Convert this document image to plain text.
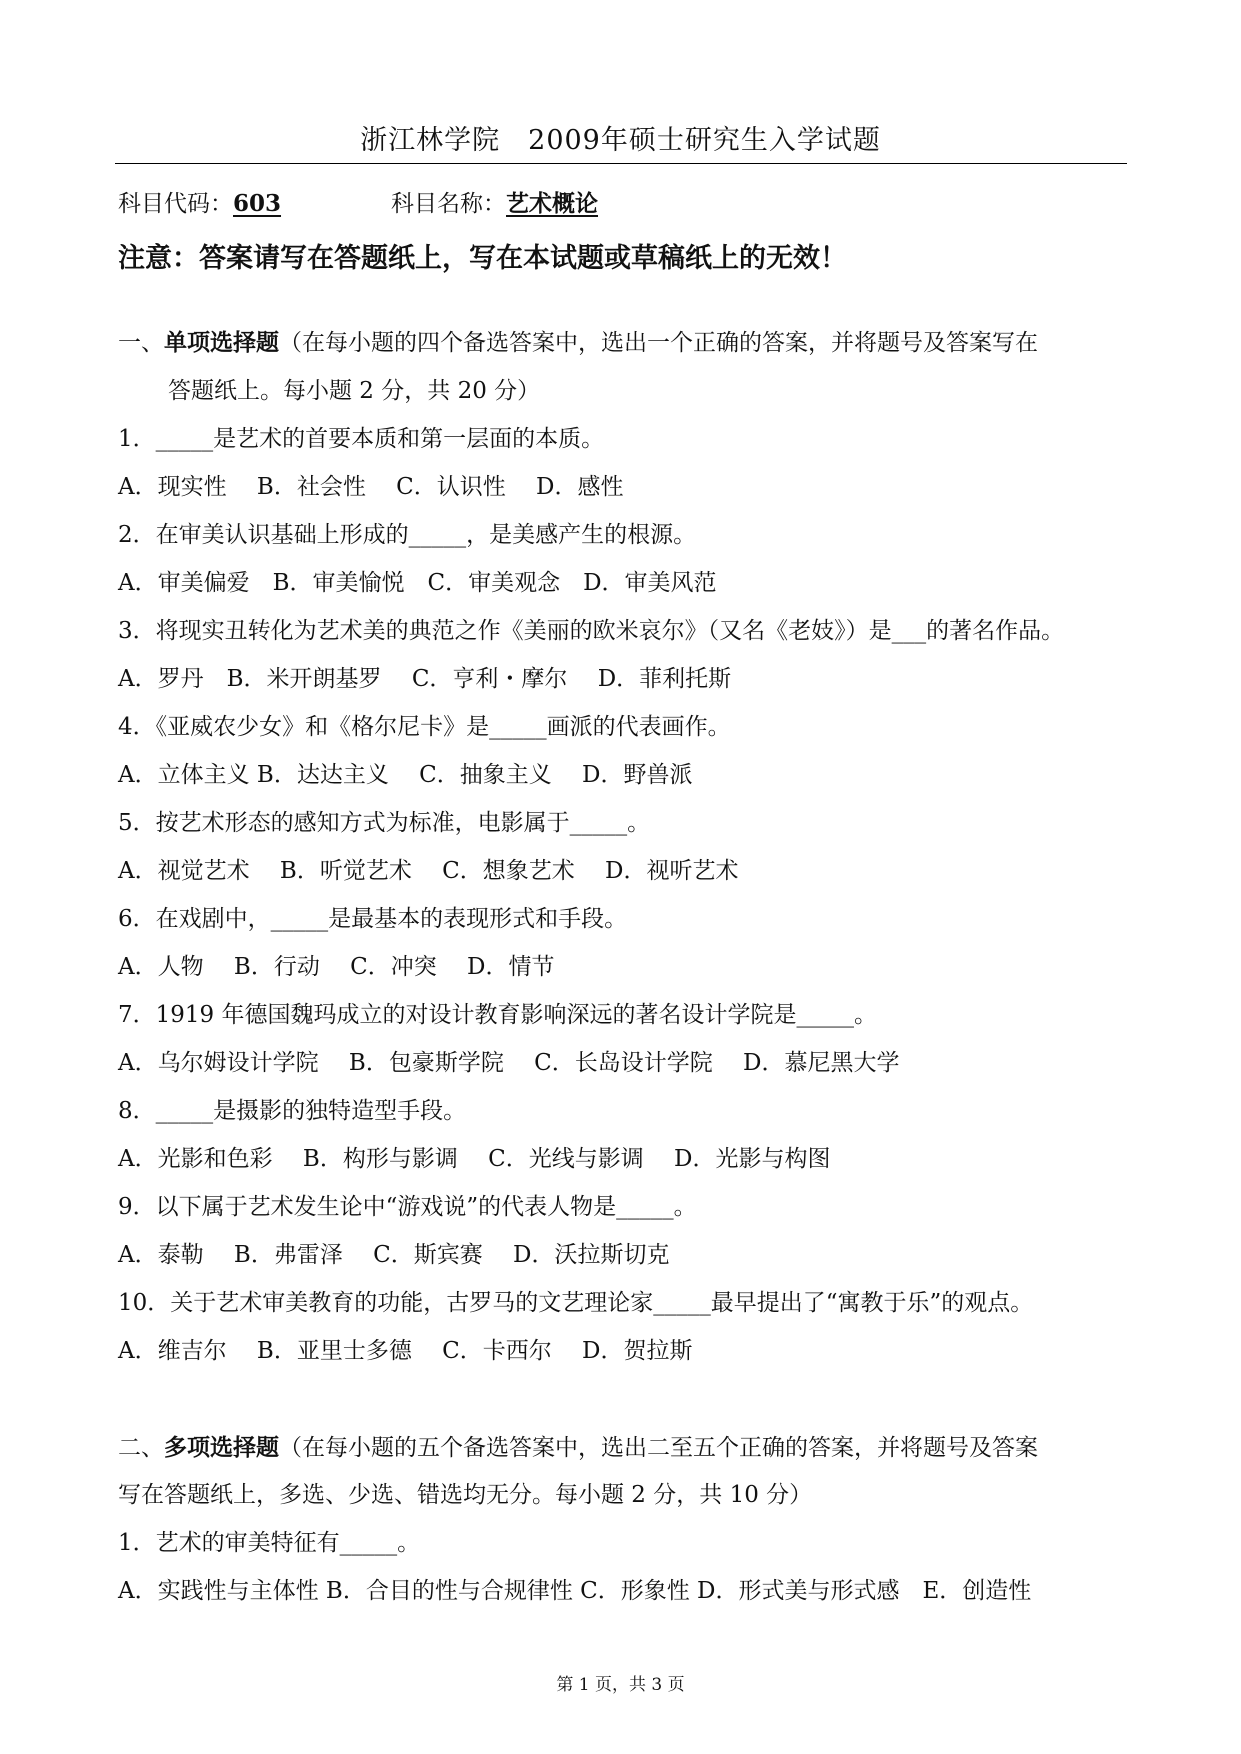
浙江林学院　2009年硕士研究生入学试题
科目代码：603	科目名称：艺术概论
注意：答案请写在答题纸上，写在本试题或草稿纸上的无效！
一、单项选择题（在每小题的四个备选答案中，选出一个正确的答案，并将题号及答案写在
答题纸上。每小题 2 分，共 20 分）
1．_____是艺术的首要本质和第一层面的本质。
A．现实性　 B．社会性　 C．认识性　 D．感性
2．在审美认识基础上形成的_____，是美感产生的根源。
A．审美偏爱　B．审美愉悦　C．审美观念　D．审美风范
3．将现实丑转化为艺术美的典范之作《美丽的欧米哀尔》（又名《老妓》）是___的著名作品。
A．罗丹　B．米开朗基罗　 C．亨利・摩尔　 D．菲利托斯
4．《亚威农少女》和《格尔尼卡》是_____画派的代表画作。
A．立体主义 B．达达主义　 C．抽象主义　 D．野兽派
5．按艺术形态的感知方式为标准，电影属于_____。
A．视觉艺术　 B．听觉艺术　 C．想象艺术　 D．视听艺术
6．在戏剧中，_____是最基本的表现形式和手段。
A．人物　 B．行动　 C．冲突　 D．情节
7．1919 年德国魏玛成立的对设计教育影响深远的著名设计学院是_____。
A．乌尔姆设计学院　 B．包豪斯学院　 C．长岛设计学院　 D．慕尼黑大学
8．_____是摄影的独特造型手段。
A．光影和色彩　 B．构形与影调　 C．光线与影调　 D．光影与构图
9．以下属于艺术发生论中“游戏说”的代表人物是_____。
A．泰勒　 B．弗雷泽　 C．斯宾赛　 D．沃拉斯切克
10．关于艺术审美教育的功能，古罗马的文艺理论家_____最早提出了“寓教于乐”的观点。
A．维吉尔　 B．亚里士多德　 C．卡西尔　 D．贺拉斯
二、多项选择题（在每小题的五个备选答案中，选出二至五个正确的答案，并将题号及答案
写在答题纸上，多选、少选、错选均无分。每小题 2 分，共 10 分）
1．艺术的审美特征有_____。
A．实践性与主体性 B．合目的性与合规律性 C．形象性 D．形式美与形式感　E．创造性
第 1 页，共 3 页
